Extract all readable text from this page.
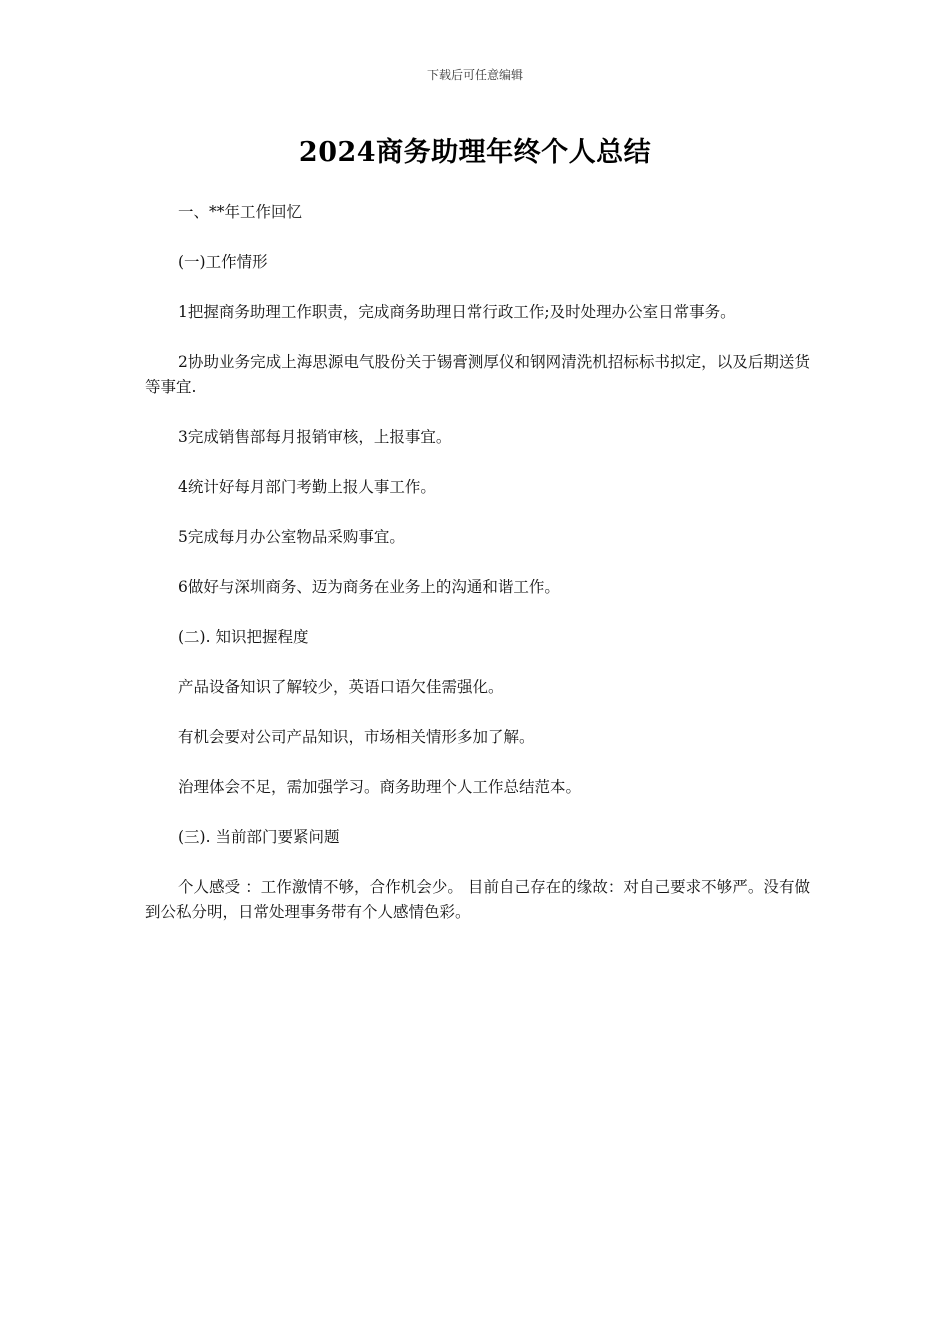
下载后可任意编辑
2024商务助理年终个人总结

一、**年工作回忆

(一)工作情形

1把握商务助理工作职责，完成商务助理日常行政工作;及时处理办公室日常事务。

2协助业务完成上海思源电气股份关于锡膏测厚仪和钢网清洗机招标标书拟定，以及后期送货等事宜.

3完成销售部每月报销审核，上报事宜。

4统计好每月部门考勤上报人事工作。

5完成每月办公室物品采购事宜。

6做好与深圳商务、迈为商务在业务上的沟通和谐工作。

(二). 知识把握程度

产品设备知识了解较少，英语口语欠佳需强化。

有机会要对公司产品知识，市场相关情形多加了解。

治理体会不足，需加强学习。商务助理个人工作总结范本。

(三). 当前部门要紧问题

个人感受 ：工作激情不够，合作机会少。 目前自己存在的缘故：对自己要求不够严。没有做到公私分明，日常处理事务带有个人感情色彩。
